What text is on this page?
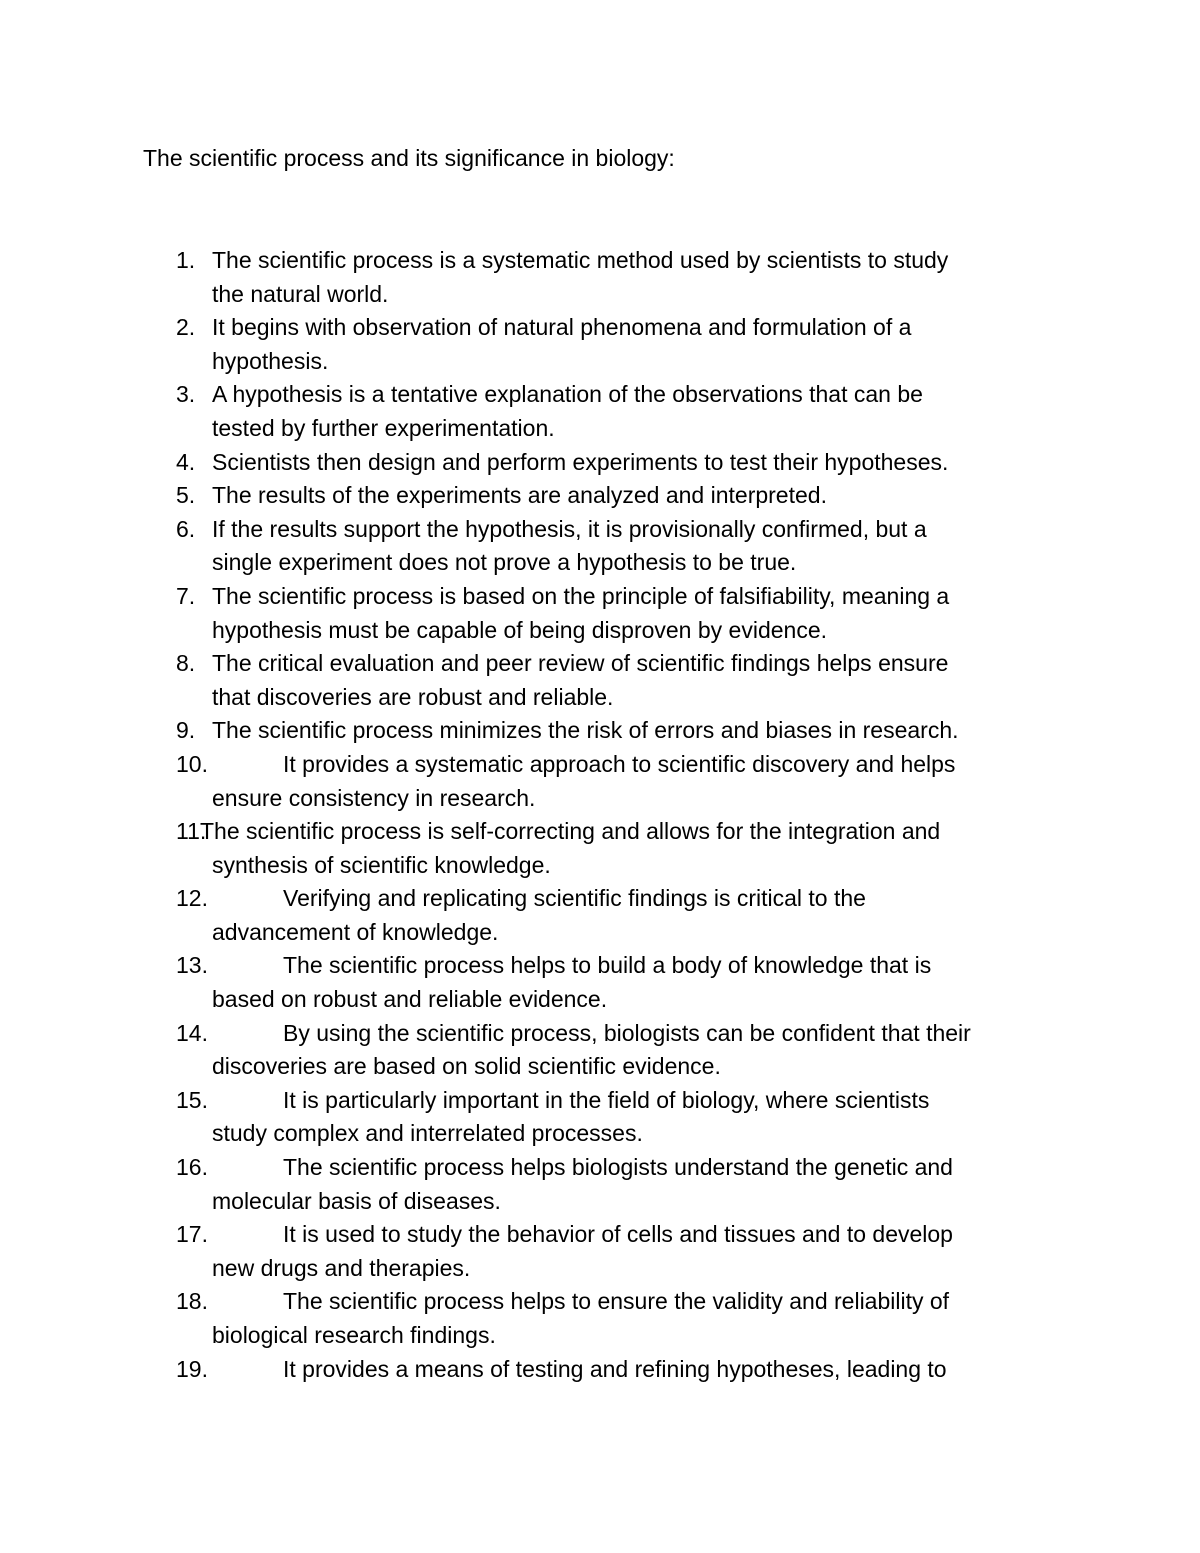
The scientific process and its significance in biology:
1. The scientific process is a systematic method used by scientists to study
the natural world.
2. It begins with observation of natural phenomena and formulation of a
hypothesis.
3. A hypothesis is a tentative explanation of the observations that can be
tested by further experimentation.
4. Scientists then design and perform experiments to test their hypotheses.
5. The results of the experiments are analyzed and interpreted.
6. If the results support the hypothesis, it is provisionally confirmed, but a
single experiment does not prove a hypothesis to be true.
7. The scientific process is based on the principle of falsifiability, meaning a
hypothesis must be capable of being disproven by evidence.
8. The critical evaluation and peer review of scientific findings helps ensure
that discoveries are robust and reliable.
9. The scientific process minimizes the risk of errors and biases in research.
10.	It provides a systematic approach to scientific discovery and helps
ensure consistency in research.
11.
The scientific process is self-correcting and allows for the integration and
synthesis of scientific knowledge.
12.	Verifying and replicating scientific findings is critical to the
advancement of knowledge.
13.	The scientific process helps to build a body of knowledge that is
based on robust and reliable evidence.
14.	By using the scientific process, biologists can be confident that their
discoveries are based on solid scientific evidence.
15.	It is particularly important in the field of biology, where scientists
study complex and interrelated processes.
16.	The scientific process helps biologists understand the genetic and
molecular basis of diseases.
17.	It is used to study the behavior of cells and tissues and to develop
new drugs and therapies.
18.	The scientific process helps to ensure the validity and reliability of
biological research findings.
19.	It provides a means of testing and refining hypotheses, leading to
